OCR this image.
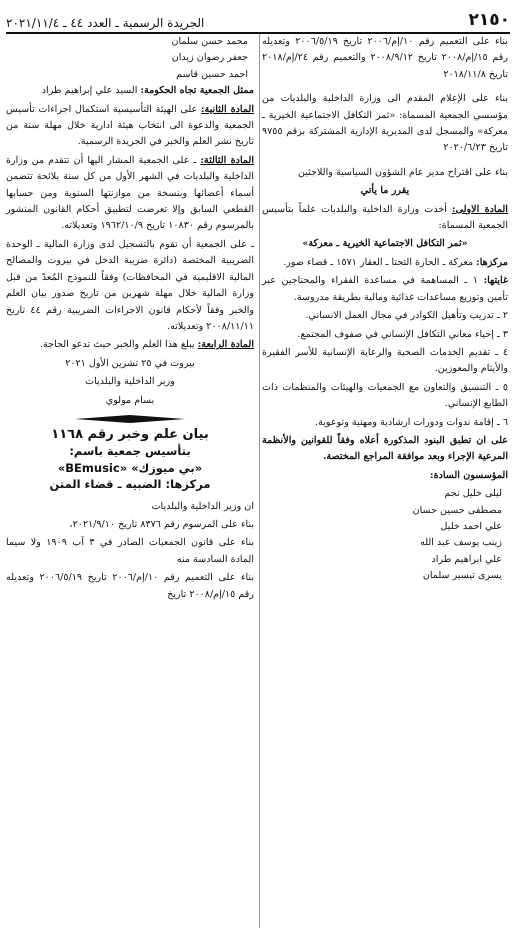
٢١٥٠
الجريدة الرسمية ـ العدد ٤٤ ـ ٢٠٢١/١١/٤

بناء على التعميم رقم ١٠/إم/٢٠٠٦ تاريخ ٢٠٠٦/٥/١٩ وتعديله رقم ١٥/إم/٢٠٠٨ تاريخ ٢٠٠٨/٩/١٢ والتعميم رقم ٢٤/إم/٢٠١٨ تاريخ ٢٠١٨/١١/٨

بناء على الإعلام المقدم الى وزارة الداخلية والبلديات من مؤسسي الجمعية المسماة: «ثمر التكافل الاجتماعية الخيرية ـ معركة» والمسجل لدى المديرية الإدارية المشتركة برقم ٩٧٥٥ تاريخ ٢٠٢٠/٦/٢٣

بناء على اقتراح مدير عام الشؤون السياسية واللاجئين

يقرر ما يأتي

المادة الاولى: أخذت وزارة الداخلية والبلديات علماً بتأسيس الجمعية المسماة:

«ثمر التكافل الاجتماعية الخيرية ـ معركة»

مركزها: معركة ـ الحارة التحتا ـ العقار ١٥٧١ ـ قضاء صور.

غايتها: ١ ـ المساهمة في مساعدة الفقراء والمحتاجين عبر تأمين وتوزيع مساعدات غذائية ومالية بطريقة مدروسة.

٢ ـ تدريب وتأهيل الكوادر في مجال العمل الانساني.

٣ ـ إحياء معاني التكافل الإنساني في صفوف المجتمع.

٤ ـ تقديم الخدمات الصحية والرعاية الإنسانية للأسر الفقيرة والأيتام والمعوزين.

٥ ـ التنسيق والتعاون مع الجمعيات والهيئات والمنظمات ذات الطابع الإنساني.

٦ ـ إقامة ندوات ودورات ارشادية ومهنية وتوعوية.

على ان تطبق البنود المذكورة أعلاه وفقاً للقوانين والأنظمة المرعية الإجراء وبعد موافقة المراجع المختصة.

المؤسسون السادة:

ليلى خليل نجم
مصطفى حسين حسان
علي احمد خليل
زينب يوسف عبد الله
علي ابراهيم طراد
يسرى تيسير سلمان
محمد حسن سلمان
جعفر رضوان زيدان
احمد حسين قاسم

ممثل الجمعية تجاه الحكومة: السيد علي إبراهيم طراد

المادة الثانية: على الهيئة التأسيسية استكمال اجراءات تأسيس الجمعية والدعوة الى انتخاب هيئة ادارية خلال مهلة سنة من تاريخ نشر العلم والخبر في الجريدة الرسمية.

المادة الثالثة: ـ على الجمعية المشار اليها أن تتقدم من وزارة الداخلية والبلديات في الشهر الأول من كل سنة بلائحة تتضمن أسماء أعضائها وبنسخة من موازنتها السنوية ومن حسابها القطعي السابق وإلا تعرضت لتطبيق أحكام القانون المنشور بالمرسوم رقم ١٠٨٣٠ تاريخ ١٩٦٢/١٠/٩ وتعديلاته.

ـ على الجمعية أن تقوم بالتسجيل لدى وزارة المالية ـ الوحدة الضريبية المختصة (دائرة ضريبة الدخل في بيروت والمصالح المالية الاقليمية في المحافظات) وفقاً للنموذج المُعدّ من قبل وزارة المالية خلال مهلة شهرين من تاريخ صدور بيان العلم والخبر وفقاً لأحكام قانون الاجراءات الضريبية رقم ٤٤ تاريخ ٢٠٠٨/١١/١١ وتعديلاته.

المادة الرابعة: يبلغ هذا العلم والخبر حيث تدعو الحاجة.

بيروت في ٢٥ تشرين الأول ٢٠٢١

وزير الداخلية والبلديات

بسام مولوي

بيان علم وخبر رقم ١١٦٨
بتأسيس جمعية باسم:
«بي ميوزك» «BEmusic»
مركزها: الضبيه ـ قضاء المتن

ان وزير الداخلية والبلديات

بناء على المرسوم رقم ٨٣٧٦ تاريخ ٢٠٢١/٩/١٠،

بناء على قانون الجمعيات الصادر في ٣ آب ١٩٠٩ ولا سيما المادة السادسة منه

بناء على التعميم رقم ١٠/إم/٢٠٠٦ تاريخ ٢٠٠٦/٥/١٩ وتعديله رقم ١٥/إم/٢٠٠٨ تاريخ
